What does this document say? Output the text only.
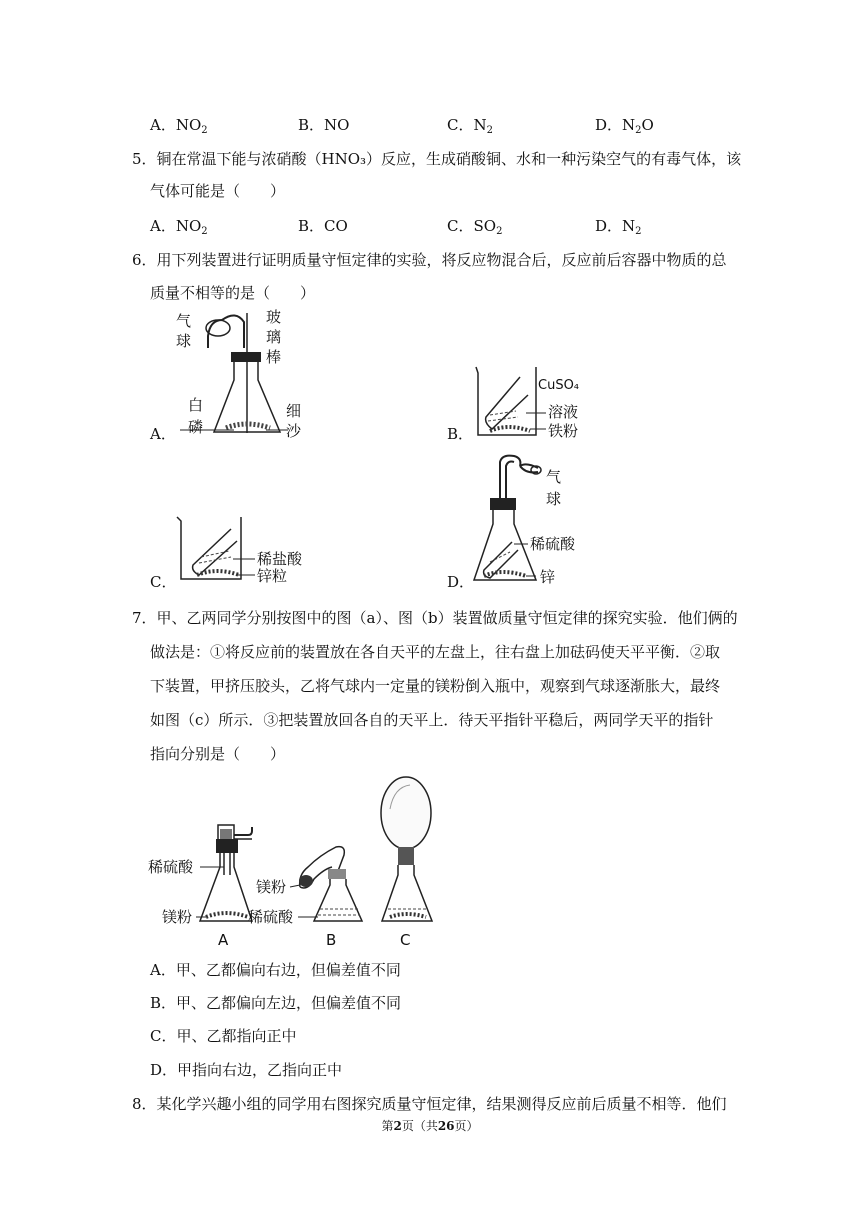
A．$NO_2$	B．NO	C．$N_2$	D．$N_2O$
5．铜在常温下能与浓硝酸（HNO₃）反应，生成硝酸铜、水和一种污染空气的有毒气体，该
气体可能是（　　）
A．$NO_2$	B．CO	C．$SO_2$	D．$N_2$
6．用下列装置进行证明质量守恒定律的实验，将反应物混合后，反应前后容器中物质的总
质量不相等的是（　　）
A．	B．
C．	D．
气
球
玻
璃
棒
白
磷
细
沙
CuSO₄
溶液
铁粉
稀盐酸
锌粒
气
球
稀硫酸
锌
7．甲、乙两同学分别按图中的图（a）、图（b）装置做质量守恒定律的探究实验．他们俩的
做法是：①将反应前的装置放在各自天平的左盘上，往右盘上加砝码使天平平衡．②取
下装置，甲挤压胶头，乙将气球内一定量的镁粉倒入瓶中，观察到气球逐渐胀大，最终
如图（c）所示．③把装置放回各自的天平上．待天平指针平稳后，两同学天平的指针
指向分别是（　　）
稀硫酸
镁粉
A
镁粉
稀硫酸
B	C
A．甲、乙都偏向右边，但偏差值不同
B．甲、乙都偏向左边，但偏差值不同
C．甲、乙都指向正中
D．甲指向右边，乙指向正中
8．某化学兴趣小组的同学用右图探究质量守恒定律，结果测得反应前后质量不相等．他们
第2页（共26页）
